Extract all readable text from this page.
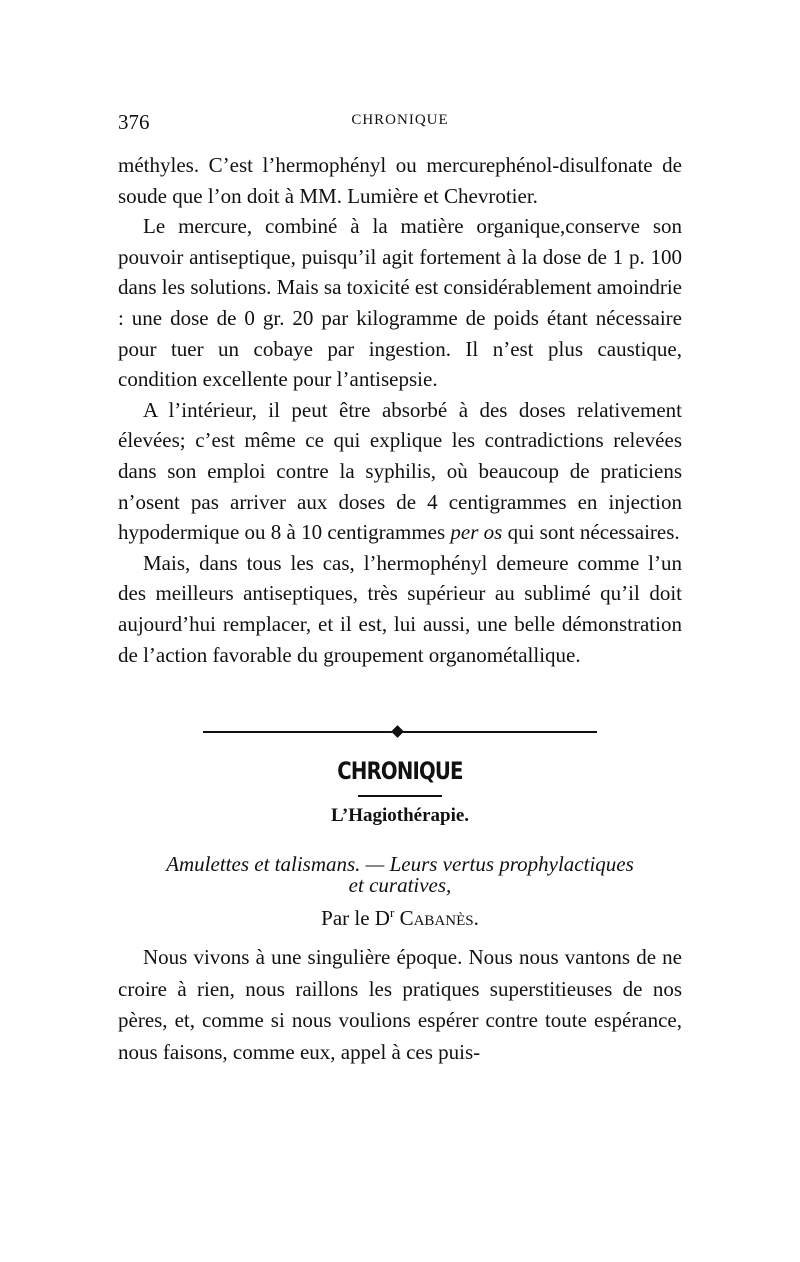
376	CHRONIQUE

méthyles. C’est l’hermophényl ou mercurephénol-disulfonate de soude que l’on doit à MM. Lumière et Chevrotier.

Le mercure, combiné à la matière organique,conserve son pouvoir antiseptique, puisqu’il agit fortement à la dose de 1 p. 100 dans les solutions. Mais sa toxicité est considérablement amoindrie : une dose de 0 gr. 20 par kilogramme de poids étant nécessaire pour tuer un cobaye par ingestion. Il n’est plus caustique, condition excellente pour l’antisepsie.

A l’intérieur, il peut être absorbé à des doses relativement élevées; c’est même ce qui explique les contradictions relevées dans son emploi contre la syphilis, où beaucoup de praticiens n’osent pas arriver aux doses de 4 centigrammes en injection hypodermique ou 8 à 10 centigrammes per os qui sont nécessaires.

Mais, dans tous les cas, l’hermophényl demeure comme l’un des meilleurs antiseptiques, très supérieur au sublimé qu’il doit aujourd’hui remplacer, et il est, lui aussi, une belle démonstration de l’action favorable du groupement organométallique.

CHRONIQUE
L’Hagiothérapie.
Amulettes et talismans. — Leurs vertus prophylactiques
et curatives,
Par le $D^r$ Cabanès.

Nous vivons à une singulière époque. Nous nous vantons de ne croire à rien, nous raillons les pratiques superstitieuses de nos pères, et, comme si nous voulions espérer contre toute espérance, nous faisons, comme eux, appel à ces puis-
